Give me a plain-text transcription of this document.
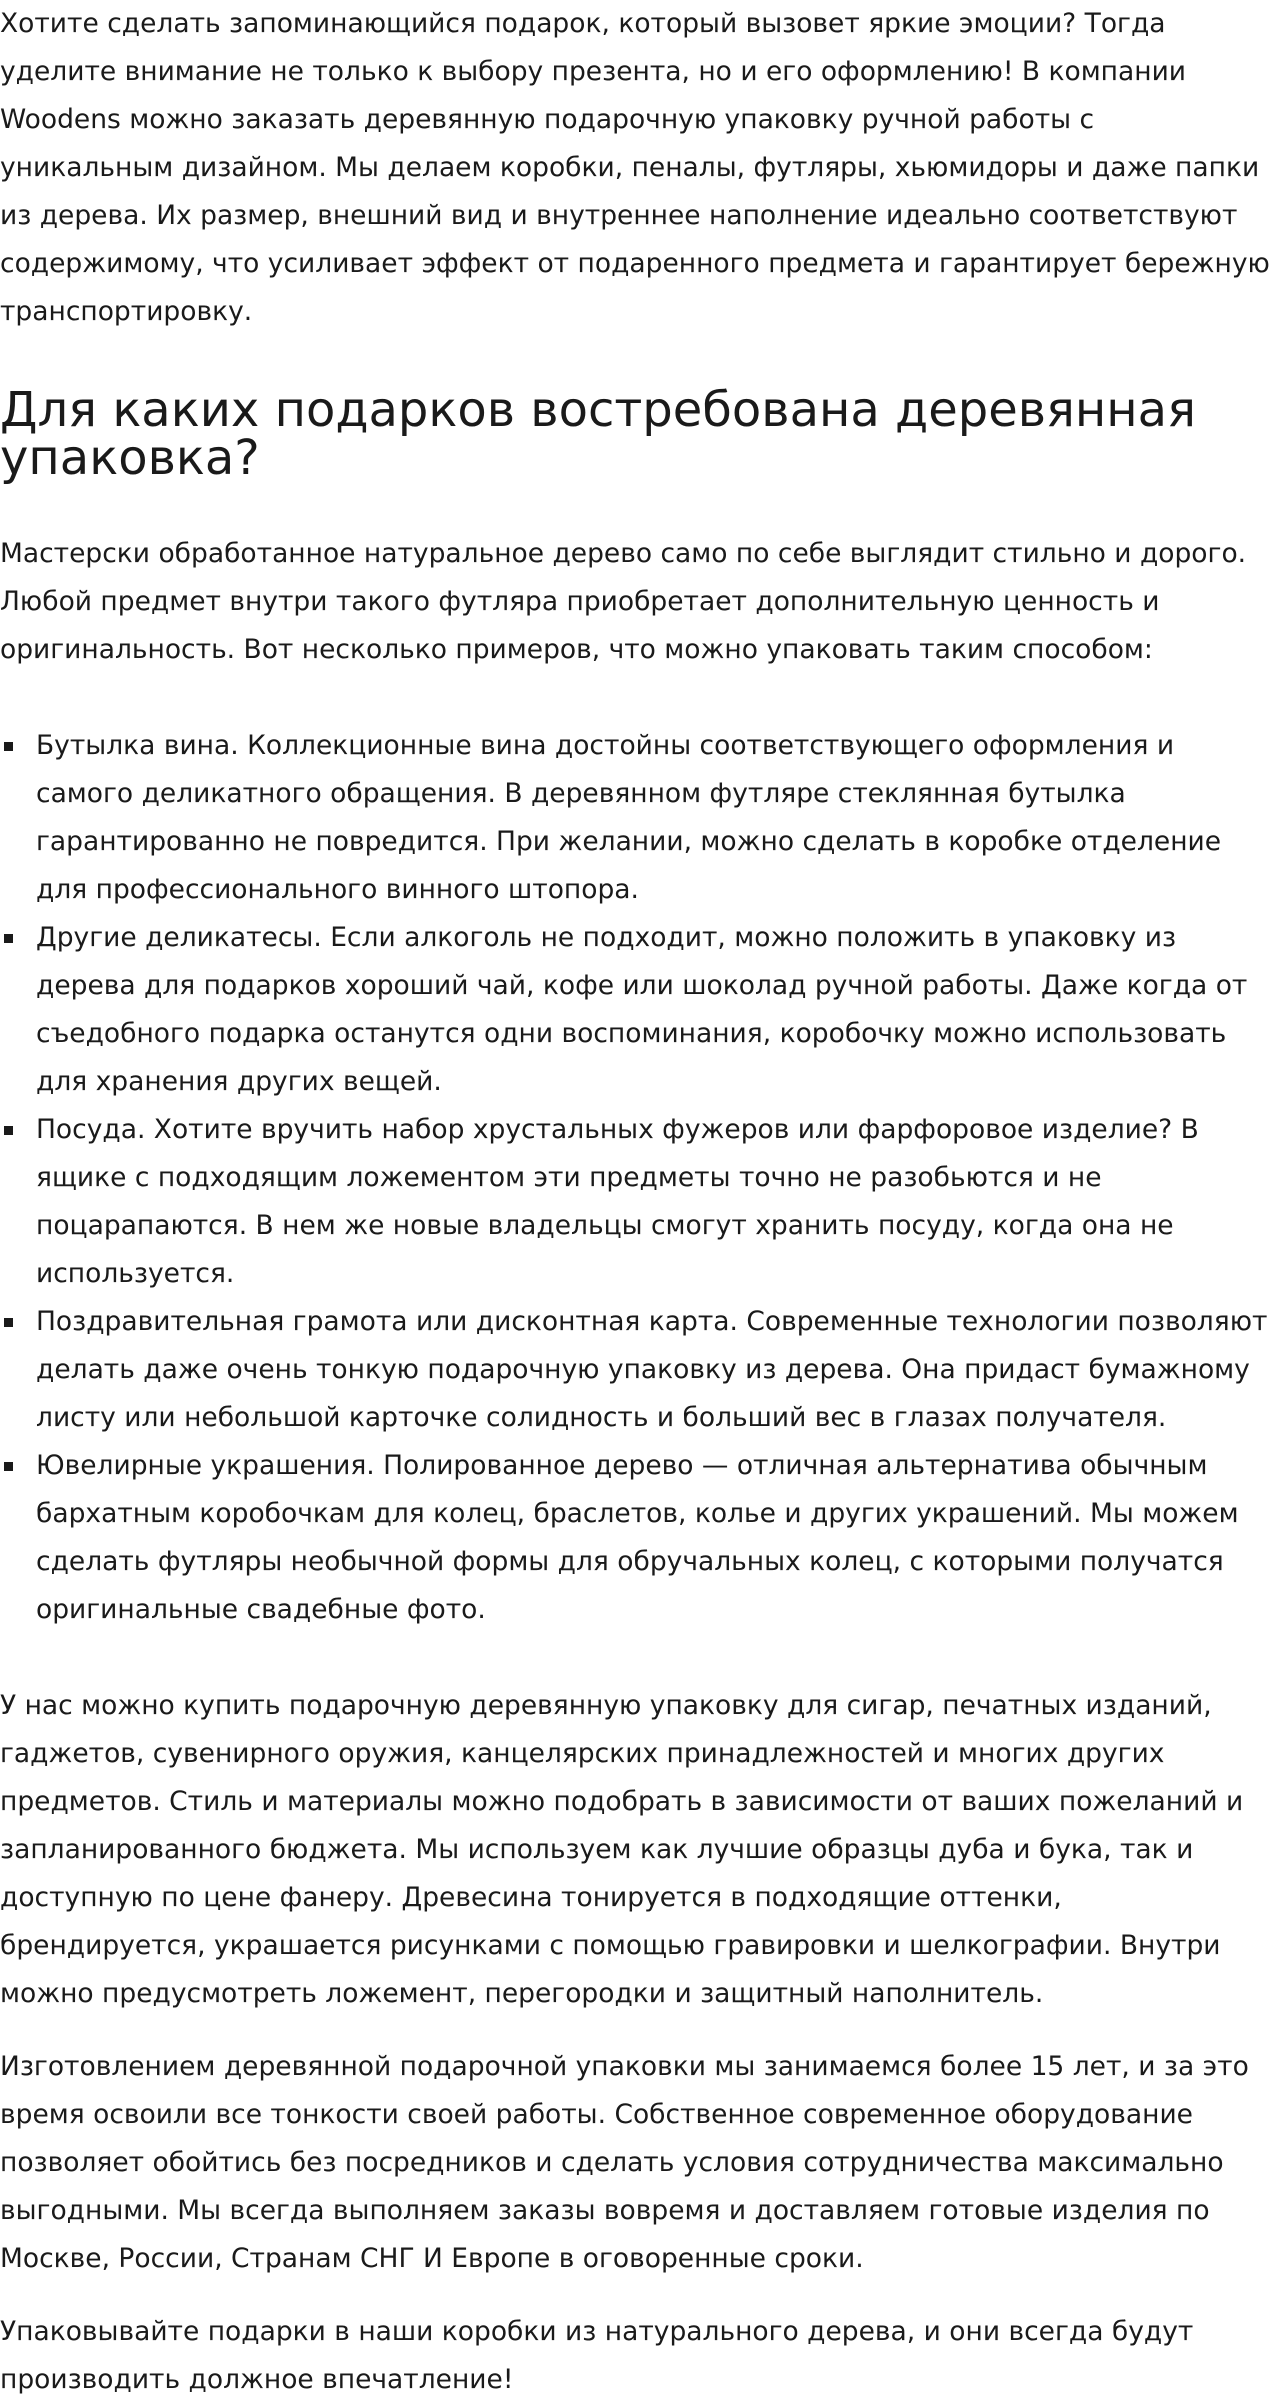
Хотите сделать запоминающийся подарок, который вызовет яркие эмоции? Тогда уделите внимание не только к выбору презента, но и его оформлению! В компании Woodens можно заказать деревянную подарочную упаковку ручной работы с уникальным дизайном. Мы делаем коробки, пеналы, футляры, хьюмидоры и даже папки из дерева. Их размер, внешний вид и внутреннее наполнение идеально соответствуют содержимому, что усиливает эффект от подаренного предмета и гарантирует бережную транспортировку.

Для каких подарков востребована деревянная упаковка?

Мастерски обработанное натуральное дерево само по себе выглядит стильно и дорого. Любой предмет внутри такого футляра приобретает дополнительную ценность и оригинальность. Вот несколько примеров, что можно упаковать таким способом:

Бутылка вина. Коллекционные вина достойны соответствующего оформления и самого деликатного обращения. В деревянном футляре стеклянная бутылка гарантированно не повредится. При желании, можно сделать в коробке отделение для профессионального винного штопора.
Другие деликатесы. Если алкоголь не подходит, можно положить в упаковку из дерева для подарков хороший чай, кофе или шоколад ручной работы. Даже когда от съедобного подарка останутся одни воспоминания, коробочку можно использовать для хранения других вещей.
Посуда. Хотите вручить набор хрустальных фужеров или фарфоровое изделие? В ящике с подходящим ложементом эти предметы точно не разобьются и не поцарапаются. В нем же новые владельцы смогут хранить посуду, когда она не используется.
Поздравительная грамота или дисконтная карта. Современные технологии позволяют делать даже очень тонкую подарочную упаковку из дерева. Она придаст бумажному листу или небольшой карточке солидность и больший вес в глазах получателя.
Ювелирные украшения. Полированное дерево — отличная альтернатива обычным бархатным коробочкам для колец, браслетов, колье и других украшений. Мы можем сделать футляры необычной формы для обручальных колец, с которыми получатся оригинальные свадебные фото.

У нас можно купить подарочную деревянную упаковку для сигар, печатных изданий, гаджетов, сувенирного оружия, канцелярских принадлежностей и многих других предметов. Стиль и материалы можно подобрать в зависимости от ваших пожеланий и запланированного бюджета. Мы используем как лучшие образцы дуба и бука, так и доступную по цене фанеру. Древесина тонируется в подходящие оттенки, брендируется, украшается рисунками с помощью гравировки и шелкографии. Внутри можно предусмотреть ложемент, перегородки и защитный наполнитель.

Изготовлением деревянной подарочной упаковки мы занимаемся более 15 лет, и за это время освоили все тонкости своей работы. Собственное современное оборудование позволяет обойтись без посредников и сделать условия сотрудничества максимально выгодными. Мы всегда выполняем заказы вовремя и доставляем готовые изделия по Москве, России, Странам СНГ И Европе в оговоренные сроки.

Упаковывайте подарки в наши коробки из натурального дерева, и они всегда будут производить должное впечатление!
